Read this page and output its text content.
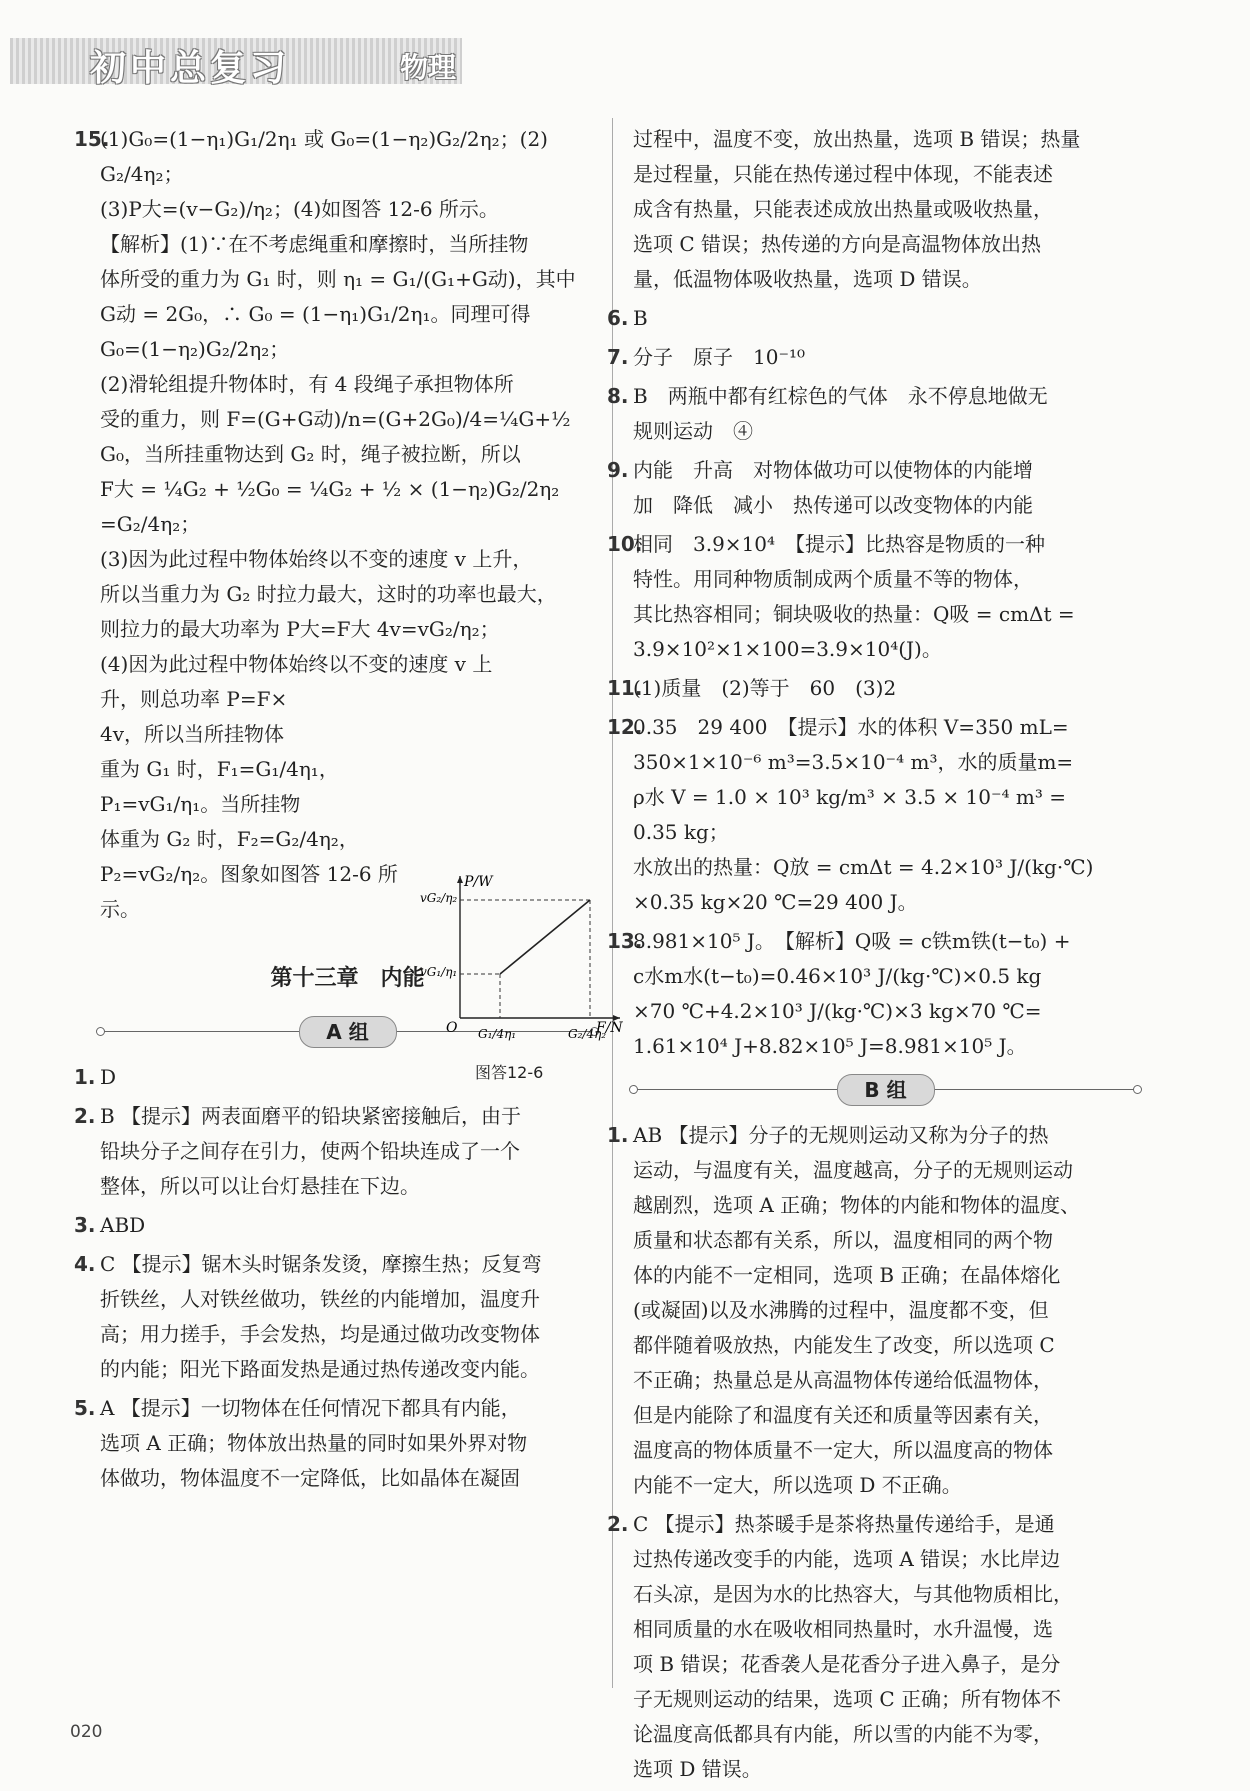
初中总复习	物理
15.(1)G₀=(1−η₁)G₁/2η₁ 或 G₀=(1−η₂)G₂/2η₂；(2) G₂/4η₂；
(3)P大=(v−G₂)/η₂；(4)如图答 12-6 所示。
【解析】(1)∵在不考虑绳重和摩擦时，当所挂物
体所受的重力为 G₁ 时，则 η₁ = G₁/(G₁+G动)，其中
G动 = 2G₀，∴ G₀ = (1−η₁)G₁/2η₁。同理可得
G₀=(1−η₂)G₂/2η₂；
(2)滑轮组提升物体时，有 4 段绳子承担物体所
受的重力，则 F=(G+G动)/n=(G+2G₀)/4=¼G+½
G₀，当所挂重物达到 G₂ 时，绳子被拉断，所以
F大 = ¼G₂ + ½G₀ = ¼G₂ + ½ × (1−η₂)G₂/2η₂
=G₂/4η₂；
(3)因为此过程中物体始终以不变的速度 v 上升，
所以当重力为 G₂ 时拉力最大，这时的功率也最大，
则拉力的最大功率为 P大=F大 4v=vG₂/η₂；
(4)因为此过程中物体始终以不变的速度 v 上
升，则总功率 P=F×
4v，所以当所挂物体
重为 G₁ 时，F₁=G₁/4η₁，
P₁=vG₁/η₁。当所挂物
体重为 G₂ 时，F₂=G₂/4η₂，
P₂=vG₂/η₂。图象如图答 12-6 所示。
第十三章　内能
A 组
1. D
2. B 【提示】两表面磨平的铅块紧密接触后，由于
铅块分子之间存在引力，使两个铅块连成了一个
整体，所以可以让台灯悬挂在下边。
3. ABD
4. C 【提示】锯木头时锯条发烫，摩擦生热；反复弯
折铁丝，人对铁丝做功，铁丝的内能增加，温度升
高；用力搓手，手会发热，均是通过做功改变物体
的内能；阳光下路面发热是通过热传递改变内能。
5. A 【提示】一切物体在任何情况下都具有内能，
选项 A 正确；物体放出热量的同时如果外界对物
体做功，物体温度不一定降低，比如晶体在凝固
过程中，温度不变，放出热量，选项 B 错误；热量
是过程量，只能在热传递过程中体现，不能表述
成含有热量，只能表述成放出热量或吸收热量，
选项 C 错误；热传递的方向是高温物体放出热
量，低温物体吸收热量，选项 D 错误。
6. B
7. 分子　原子　10⁻¹⁰
8. B　两瓶中都有红棕色的气体　永不停息地做无
规则运动　④
9. 内能　升高　对物体做功可以使物体的内能增
加　降低　减小　热传递可以改变物体的内能
10.相同　3.9×10⁴　【提示】比热容是物质的一种
特性。用同种物质制成两个质量不等的物体，
其比热容相同；铜块吸收的热量：Q吸 = cmΔt =
3.9×10²×1×100=3.9×10⁴(J)。
11.(1)质量　(2)等于　60　(3)2
12.0.35　29 400　【提示】水的体积 V=350 mL=
350×1×10⁻⁶ m³=3.5×10⁻⁴ m³，水的质量m=
ρ水 V = 1.0 × 10³ kg/m³ × 3.5 × 10⁻⁴ m³ =
0.35 kg；
水放出的热量：Q放 = cmΔt = 4.2×10³ J/(kg·℃)
×0.35 kg×20 ℃=29 400 J。
13.8.981×10⁵ J。　【解析】Q吸 = c铁m铁(t−t₀) +
c水m水(t−t₀)=0.46×10³ J/(kg·℃)×0.5 kg
×70 ℃+4.2×10³ J/(kg·℃)×3 kg×70 ℃=
1.61×10⁴ J+8.82×10⁵ J=8.981×10⁵ J。
B 组
1. AB 【提示】分子的无规则运动又称为分子的热
运动，与温度有关，温度越高，分子的无规则运动
越剧烈，选项 A 正确；物体的内能和物体的温度、
质量和状态都有关系，所以，温度相同的两个物
体的内能不一定相同，选项 B 正确；在晶体熔化
(或凝固)以及水沸腾的过程中，温度都不变，但
都伴随着吸放热，内能发生了改变，所以选项 C
不正确；热量总是从高温物体传递给低温物体，
但是内能除了和温度有关还和质量等因素有关，
温度高的物体质量不一定大，所以温度高的物体
内能不一定大，所以选项 D 不正确。
2. C 【提示】热茶暖手是茶将热量传递给手，是通
过热传递改变手的内能，选项 A 错误；水比岸边
石头凉，是因为水的比热容大，与其他物质相比，
相同质量的水在吸收相同热量时，水升温慢，选
项 B 错误；花香袭人是花香分子进入鼻子，是分
子无规则运动的结果，选项 C 正确；所有物体不
论温度高低都具有内能，所以雪的内能不为零，
选项 D 错误。
P/W
F/N
O
vG₂/η₂
vG₁/η₁
G₁/4η₁	G₂/4η₂
图答12-6
020
